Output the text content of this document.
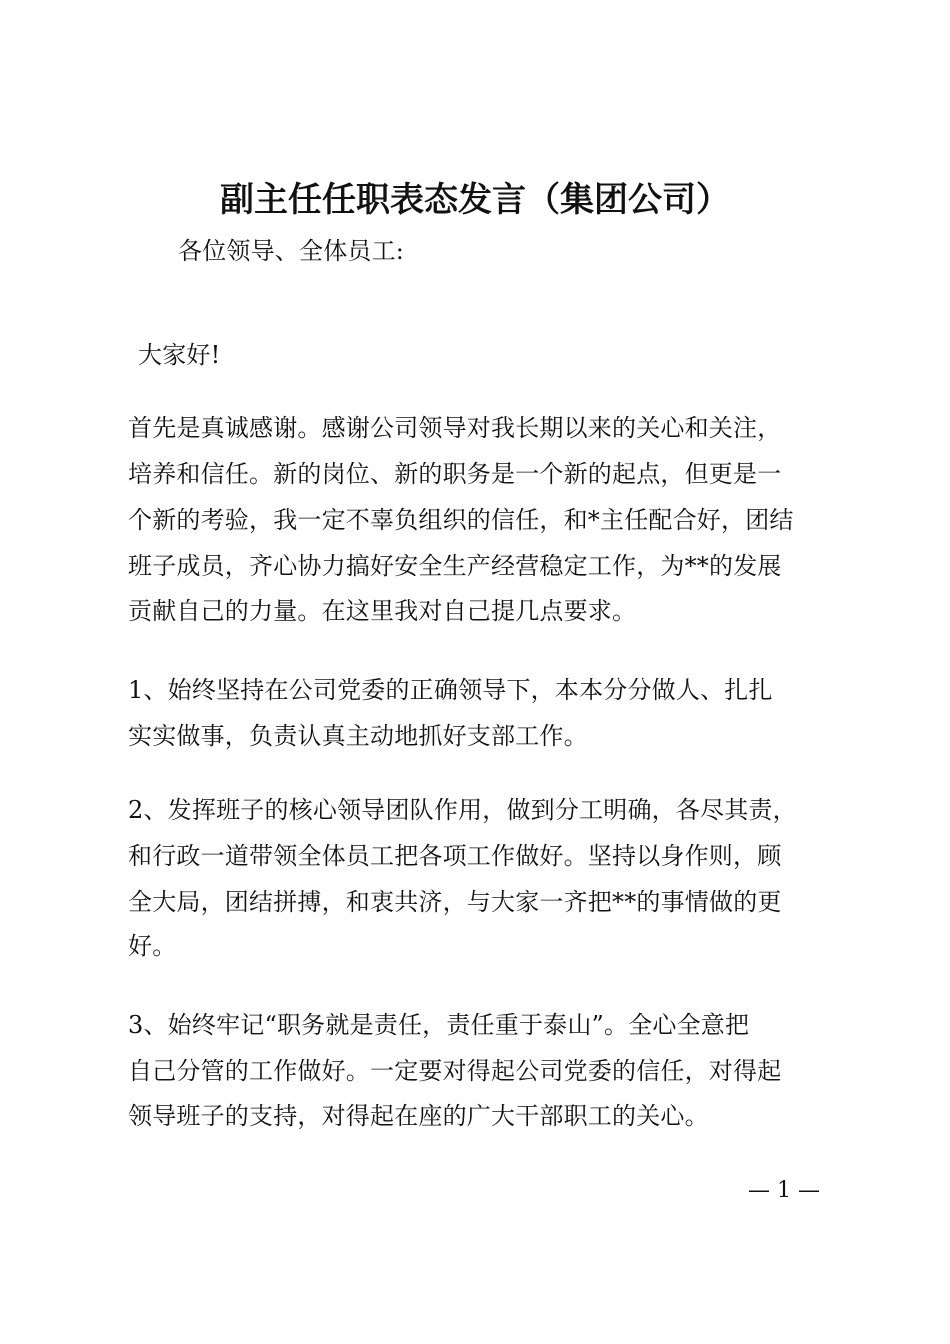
副主任任职表态发言（集团公司）
各位领导、全体员工:
大家好!
首先是真诚感谢。感谢公司领导对我长期以来的关心和关注，
培养和信任。新的岗位、新的职务是一个新的起点，但更是一
个新的考验，我一定不辜负组织的信任，和*主任配合好，团结
班子成员，齐心协力搞好安全生产经营稳定工作，为**的发展
贡献自己的力量。在这里我对自己提几点要求。
1、始终坚持在公司党委的正确领导下，本本分分做人、扎扎
实实做事，负责认真主动地抓好支部工作。
2、发挥班子的核心领导团队作用，做到分工明确，各尽其责，
和行政一道带领全体员工把各项工作做好。坚持以身作则，顾
全大局，团结拼搏，和衷共济，与大家一齐把**的事情做的更
好。
3、始终牢记“职务就是责任，责任重于泰山”。全心全意把
自己分管的工作做好。一定要对得起公司党委的信任，对得起
领导班子的支持，对得起在座的广大干部职工的关心。
— 1 —
